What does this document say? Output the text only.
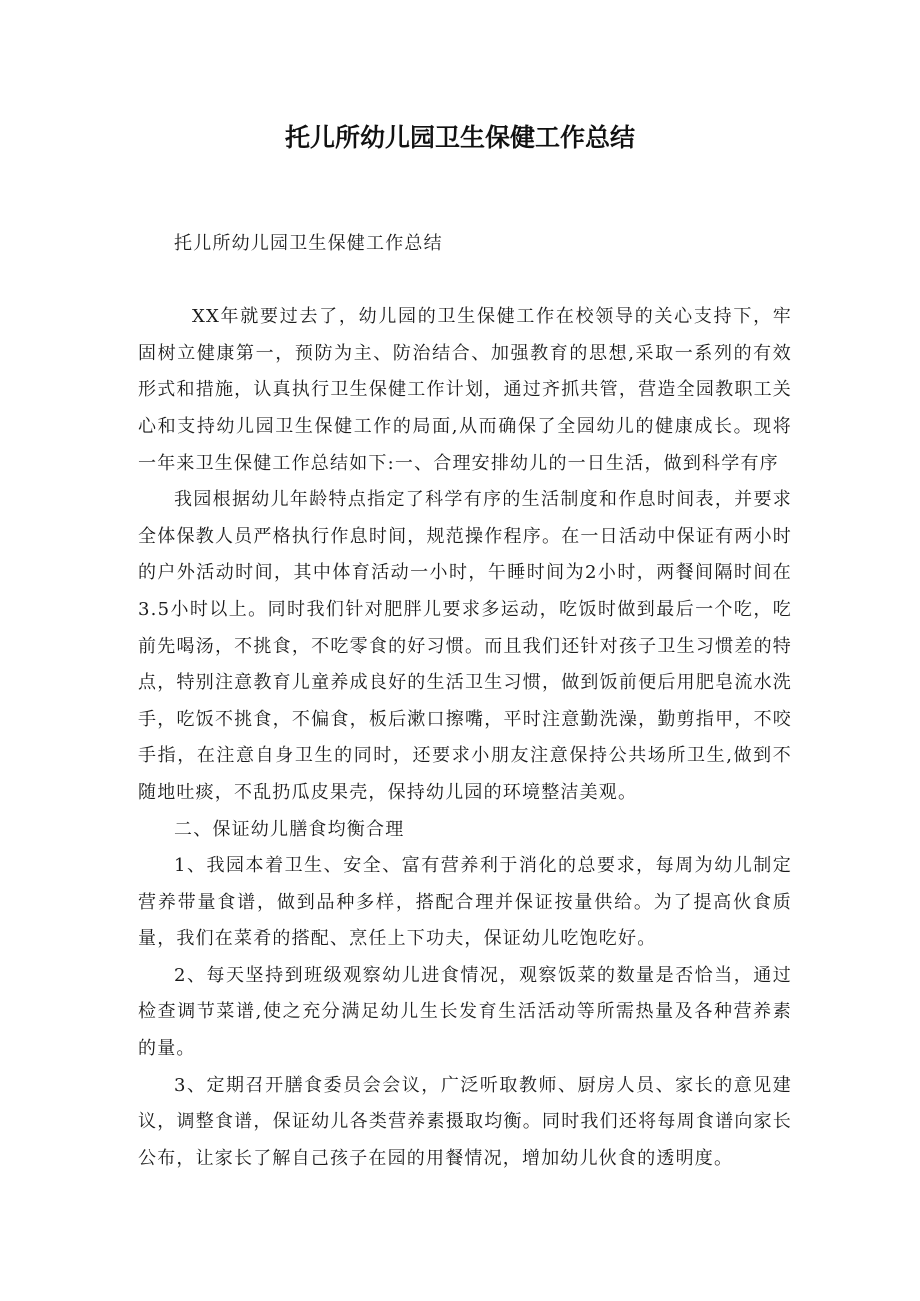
托儿所幼儿园卫生保健工作总结

托儿所幼儿园卫生保健工作总结

XX年就要过去了，幼儿园的卫生保健工作在校领导的关心支持下，牢固树立健康第一，预防为主、防治结合、加强教育的思想,采取一系列的有效形式和措施，认真执行卫生保健工作计划，通过齐抓共管，营造全园教职工关心和支持幼儿园卫生保健工作的局面,从而确保了全园幼儿的健康成长。现将一年来卫生保健工作总结如下:一、合理安排幼儿的一日生活，做到科学有序

我园根据幼儿年龄特点指定了科学有序的生活制度和作息时间表，并要求全体保教人员严格执行作息时间，规范操作程序。在一日活动中保证有两小时的户外活动时间，其中体育活动一小时，午睡时间为2小时，两餐间隔时间在3.5小时以上。同时我们针对肥胖儿要求多运动，吃饭时做到最后一个吃，吃前先喝汤，不挑食，不吃零食的好习惯。而且我们还针对孩子卫生习惯差的特点，特别注意教育儿童养成良好的生活卫生习惯，做到饭前便后用肥皂流水洗手，吃饭不挑食，不偏食，板后漱口擦嘴，平时注意勤洗澡，勤剪指甲，不咬手指，在注意自身卫生的同时，还要求小朋友注意保持公共场所卫生,做到不随地吐痰，不乱扔瓜皮果壳，保持幼儿园的环境整洁美观。

二、保证幼儿膳食均衡合理

1、我园本着卫生、安全、富有营养利于消化的总要求，每周为幼儿制定营养带量食谱，做到品种多样，搭配合理并保证按量供给。为了提高伙食质量，我们在菜肴的搭配、烹任上下功夫，保证幼儿吃饱吃好。

2、每天坚持到班级观察幼儿进食情况，观察饭菜的数量是否恰当，通过检查调节菜谱,使之充分满足幼儿生长发育生活活动等所需热量及各种营养素的量。

3、定期召开膳食委员会会议，广泛听取教师、厨房人员、家长的意见建议，调整食谱，保证幼儿各类营养素摄取均衡。同时我们还将每周食谱向家长公布，让家长了解自己孩子在园的用餐情况，增加幼儿伙食的透明度。
